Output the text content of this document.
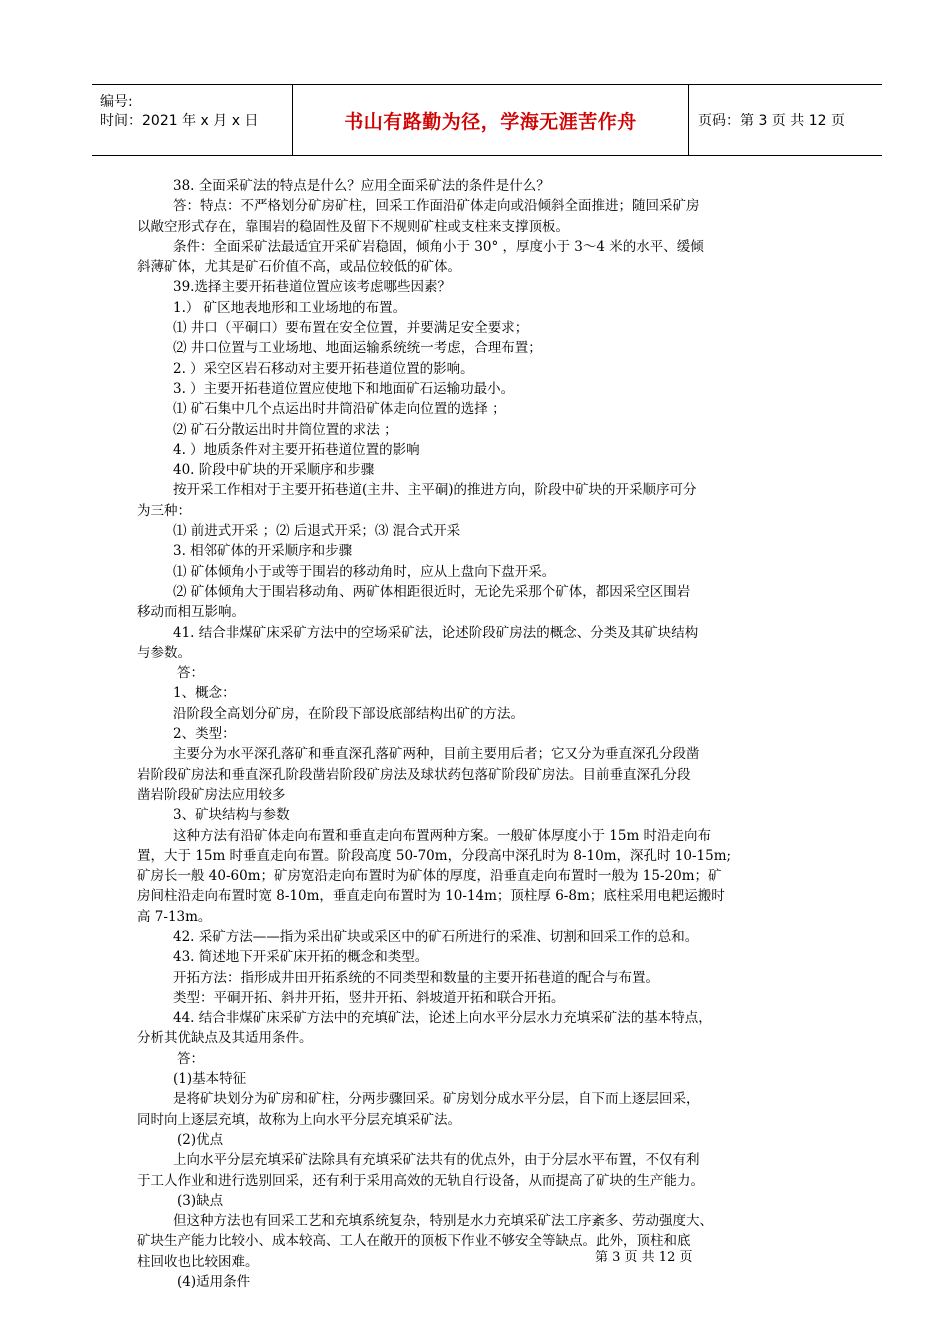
编号:
时间：2021 年 x 月 x 日	书山有路勤为径，学海无涯苦作舟	页码：第 3 页 共 12 页
38. 全面采矿法的特点是什么？应用全面采矿法的条件是什么？
答：特点：不严格划分矿房矿柱，回采工作面沿矿体走向或沿倾斜全面推进；随回采矿房
以敞空形式存在，靠围岩的稳固性及留下不规则矿柱或支柱来支撑顶板。
条件：全面采矿法最适宜开采矿岩稳固，倾角小于 30° ，厚度小于 3～4 米的水平、缓倾
斜薄矿体，尤其是矿石价值不高，或品位较低的矿体。
39.选择主要开拓巷道位置应该考虑哪些因素？
1.） 矿区地表地形和工业场地的布置。
⑴ 井口（平硐口）要布置在安全位置，并要满足安全要求；
⑵ 井口位置与工业场地、地面运输系统统一考虑，合理布置；
2. ）采空区岩石移动对主要开拓巷道位置的影响。
3. ）主要开拓巷道位置应使地下和地面矿石运输功最小。
⑴ 矿石集中几个点运出时井筒沿矿体走向位置的选择 ；
⑵ 矿石分散运出时井筒位置的求法 ；
4. ）地质条件对主要开拓巷道位置的影响
40. 阶段中矿块的开采顺序和步骤
按开采工作相对于主要开拓巷道(主井、主平硐)的推进方向，阶段中矿块的开采顺序可分
为三种：
⑴ 前进式开采 ；⑵ 后退式开采；⑶ 混合式开采
3. 相邻矿体的开采顺序和步骤
⑴ 矿体倾角小于或等于围岩的移动角时，应从上盘向下盘开采。
⑵ 矿体倾角大于围岩移动角、两矿体相距很近时，无论先采那个矿体，都因采空区围岩
移动而相互影响。
41. 结合非煤矿床采矿方法中的空场采矿法，论述阶段矿房法的概念、分类及其矿块结构
与参数。
答：
1、概念：
沿阶段全高划分矿房，在阶段下部设底部结构出矿的方法。
2、类型：
主要分为水平深孔落矿和垂直深孔落矿两种，目前主要用后者；它又分为垂直深孔分段凿
岩阶段矿房法和垂直深孔阶段凿岩阶段矿房法及球状药包落矿阶段矿房法。目前垂直深孔分段
凿岩阶段矿房法应用较多
3、矿块结构与参数
这种方法有沿矿体走向布置和垂直走向布置两种方案。一般矿体厚度小于 15m 时沿走向布
置，大于 15m 时垂直走向布置。阶段高度 50-70m，分段高中深孔时为 8-10m，深孔时 10-15m;
矿房长一般 40-60m；矿房宽沿走向布置时为矿体的厚度，沿垂直走向布置时一般为 15-20m；矿
房间柱沿走向布置时宽 8-10m，垂直走向布置时为 10-14m；顶柱厚 6-8m；底柱采用电耙运搬时
高 7-13m。
42. 采矿方法——指为采出矿块或采区中的矿石所进行的采准、切割和回采工作的总和。
43. 简述地下开采矿床开拓的概念和类型。
开拓方法：指形成井田开拓系统的不同类型和数量的主要开拓巷道的配合与布置。
类型：平硐开拓、斜井开拓，竖井开拓、斜坡道开拓和联合开拓。
44. 结合非煤矿床采矿方法中的充填矿法，论述上向水平分层水力充填采矿法的基本特点，
分析其优缺点及其适用条件。
答：
(1)基本特征
是将矿块划分为矿房和矿柱，分两步骤回采。矿房划分成水平分层，自下而上逐层回采，
同时向上逐层充填，故称为上向水平分层充填采矿法。
(2)优点
上向水平分层充填采矿法除具有充填采矿法共有的优点外，由于分层水平布置，不仅有利
于工人作业和进行选别回采，还有利于采用高效的无轨自行设备，从而提高了矿块的生产能力。
(3)缺点
但这种方法也有回采工艺和充填系统复杂，特别是水力充填采矿法工序紊多、劳动强度大、
矿块生产能力比较小、成本较高、工人在敞开的顶板下作业不够安全等缺点。此外，顶柱和底
柱回收也比较困难。
(4)适用条件
第 3 页 共 12 页
